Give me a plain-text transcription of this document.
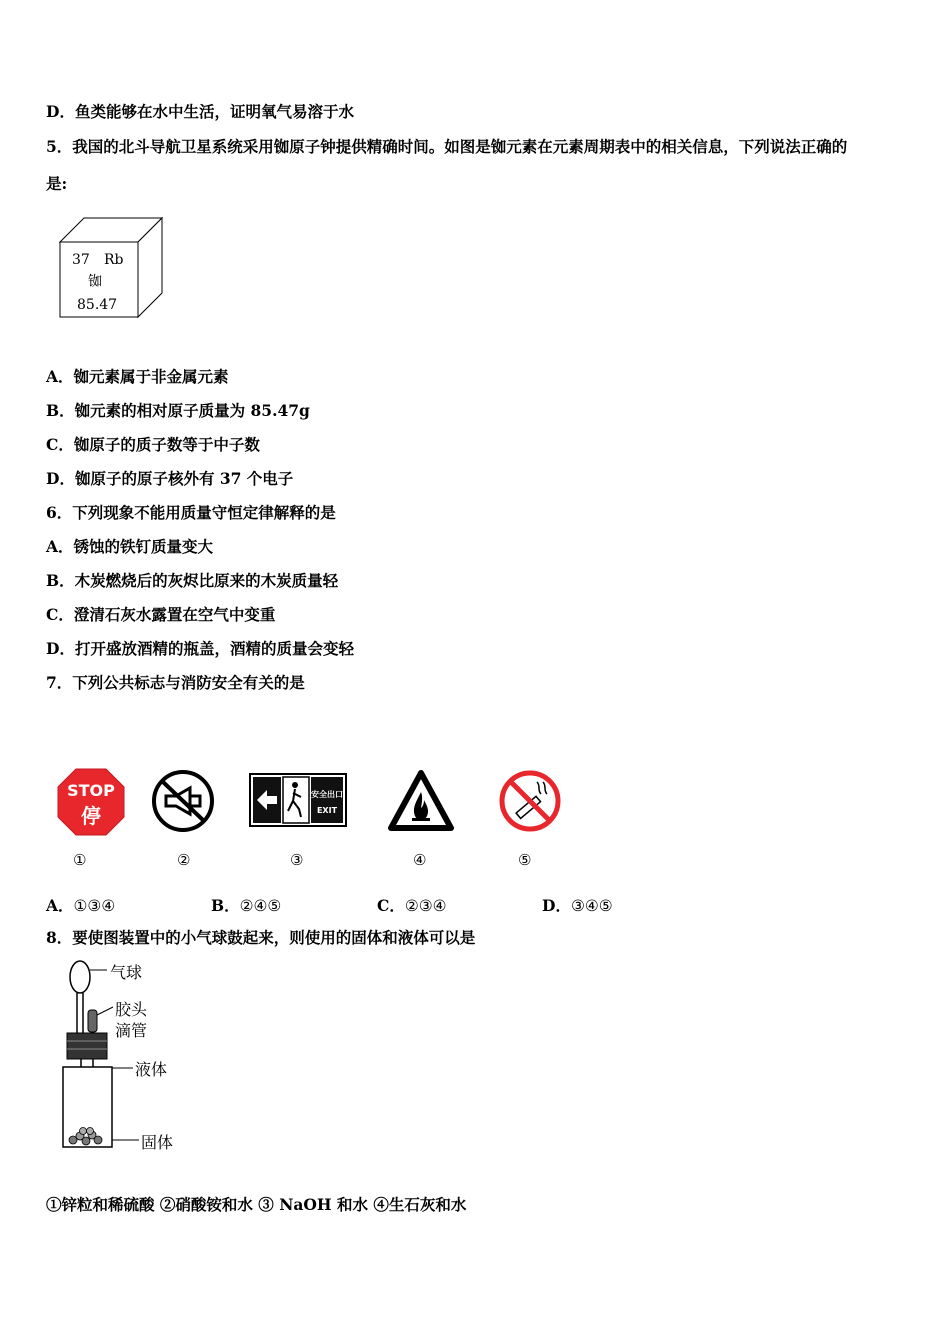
D．鱼类能够在水中生活，证明氧气易溶于水
5．我国的北斗导航卫星系统采用铷原子钟提供精确时间。如图是铷元素在元素周期表中的相关信息，下列说法正确的
是:
37 Rb
铷
85.47
A．铷元素属于非金属元素
B．铷元素的相对原子质量为 85.47g
C．铷原子的质子数等于中子数
D．铷原子的原子核外有 37 个电子
6．下列现象不能用质量守恒定律解释的是
A．锈蚀的铁钉质量变大
B．木炭燃烧后的灰烬比原来的木炭质量轻
C．澄清石灰水露置在空气中变重
D．打开盛放酒精的瓶盖，酒精的质量会变轻
7．下列公共标志与消防安全有关的是
STOP
停
安全出口
EXIT
①	②	③	④	⑤
A．①③④	B．②④⑤	C．②③④	D．③④⑤
8．要使图装置中的小气球鼓起来，则使用的固体和液体可以是
气球
胶头
滴管
液体
固体
①锌粒和稀硫酸 ②硝酸铵和水 ③ NaOH 和水 ④生石灰和水
